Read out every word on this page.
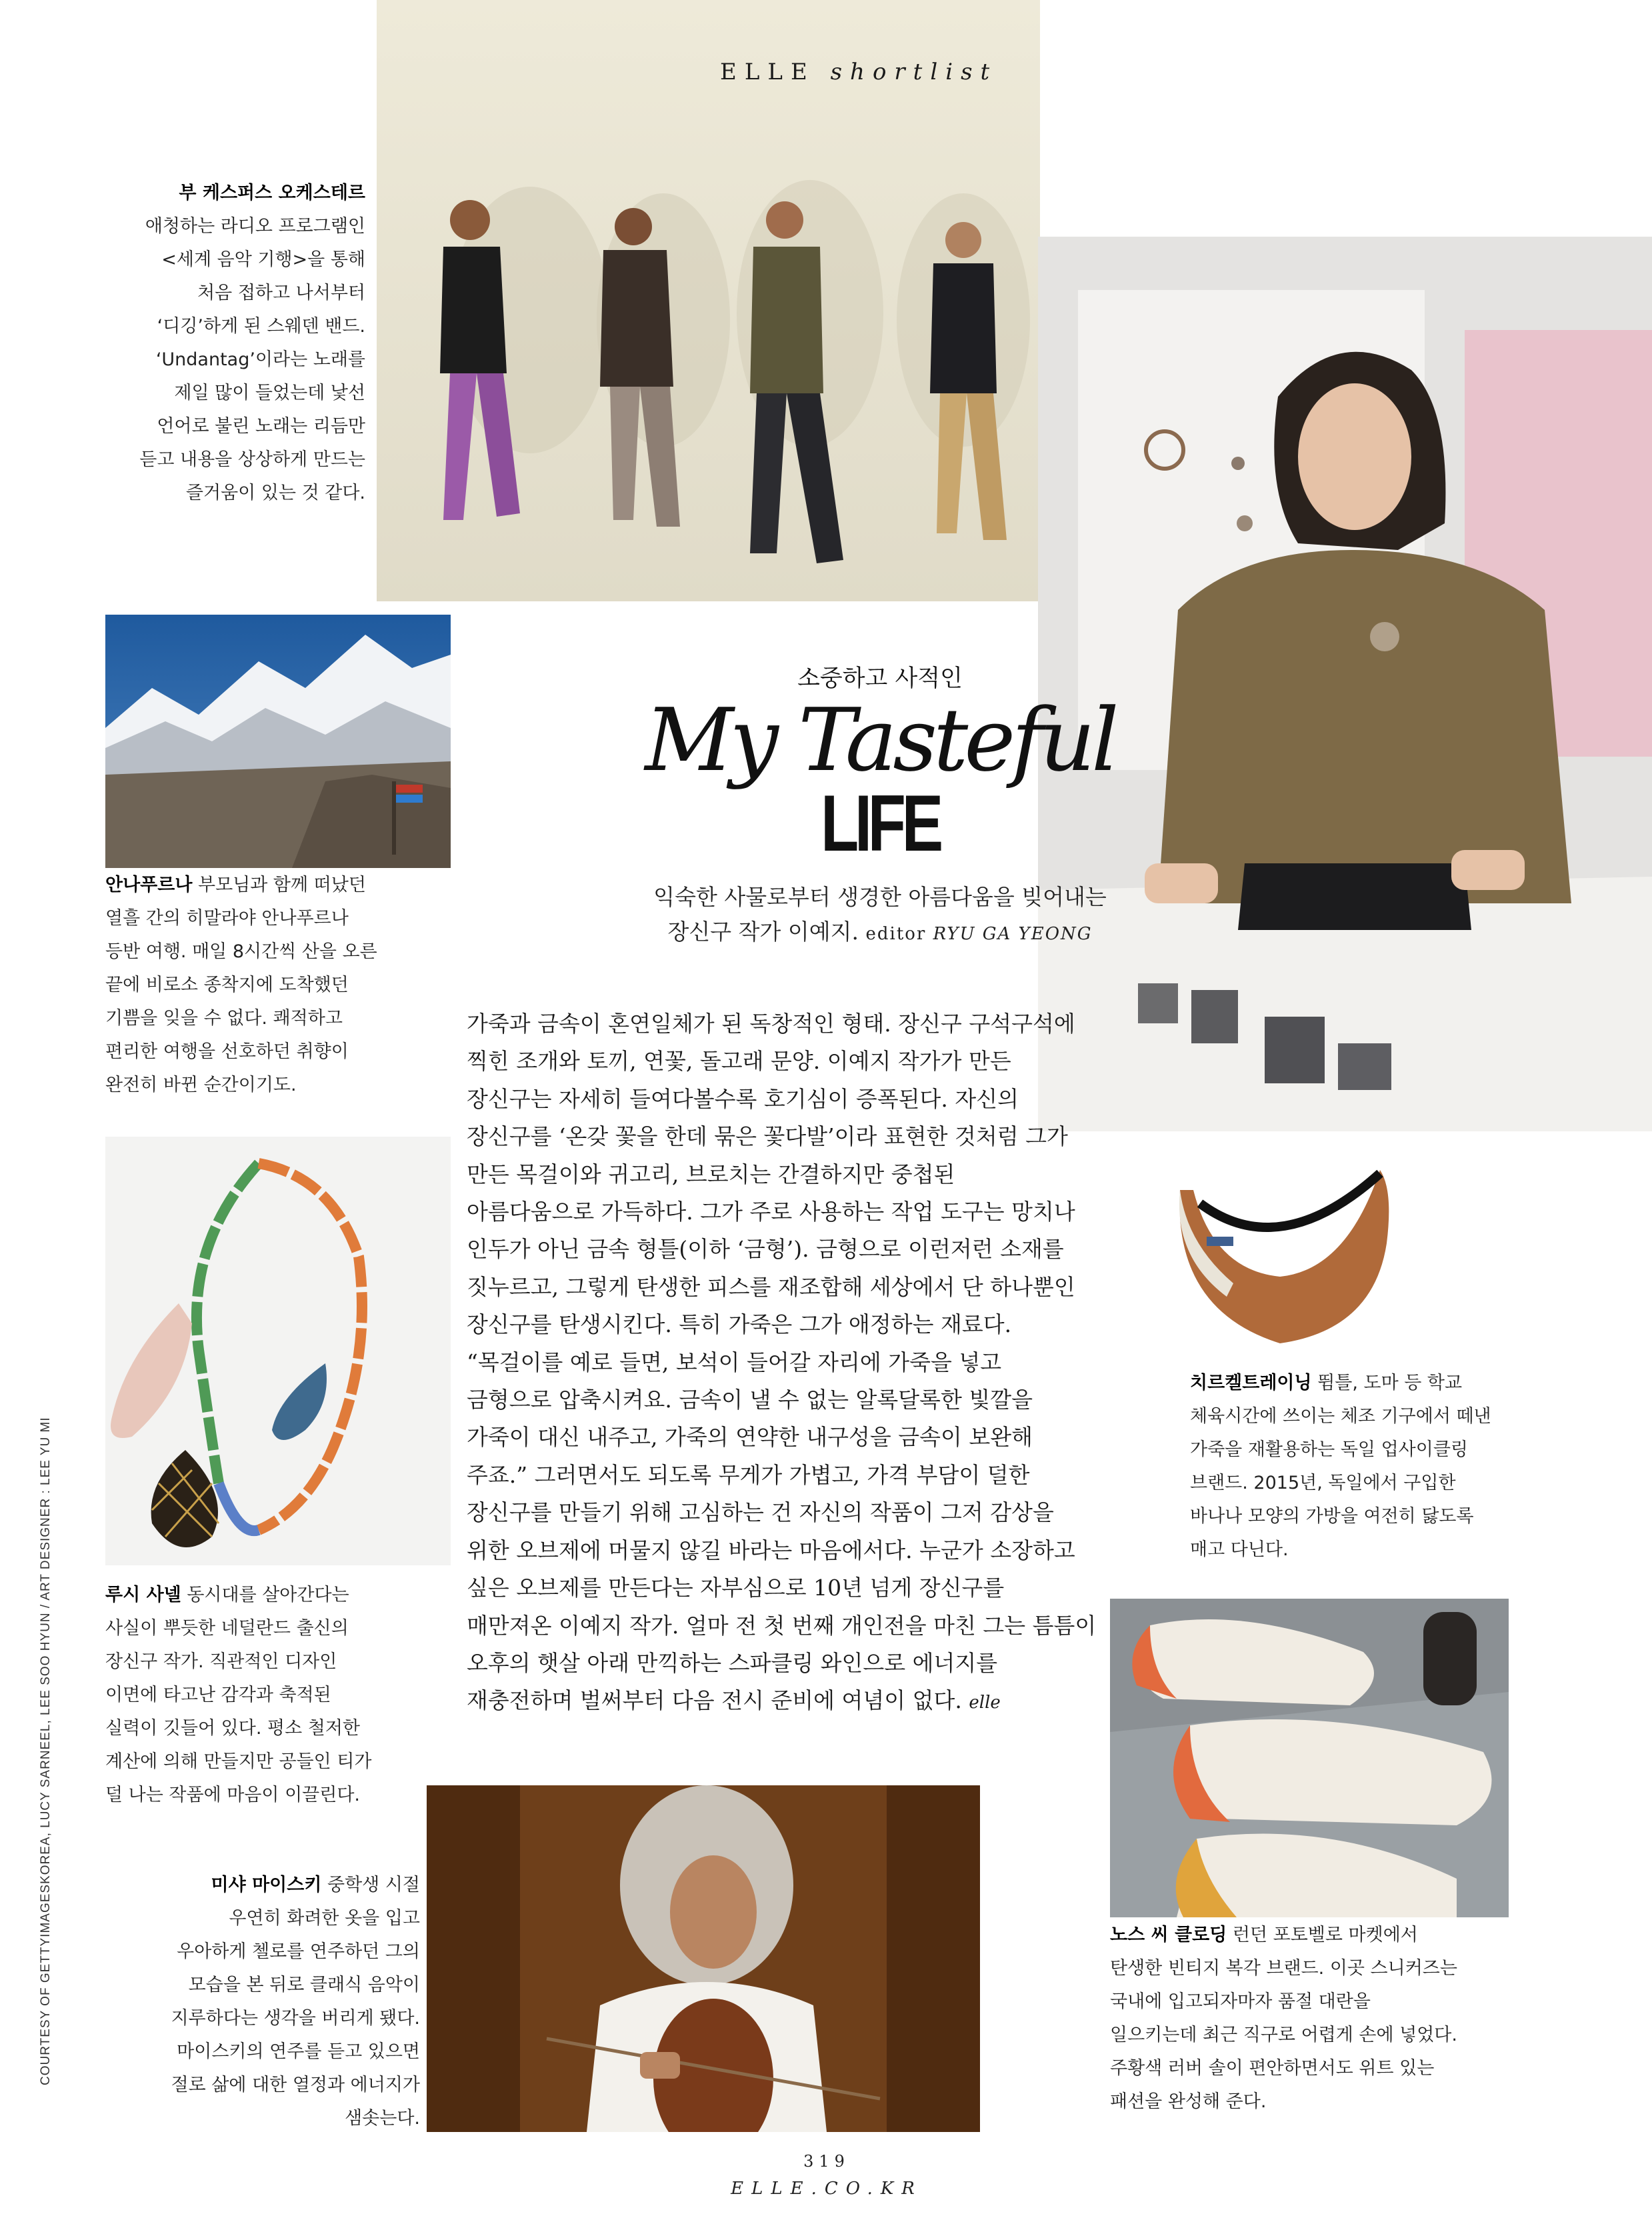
ELLE shortlist
부 케스퍼스 오케스테르
애청하는 라디오 프로그램인
<세계 음악 기행>을 통해
처음 접하고 나서부터
‘디깅’하게 된 스웨덴 밴드.
‘Undantag’이라는 노래를
제일 많이 들었는데 낯선
언어로 불린 노래는 리듬만
듣고 내용을 상상하게 만드는
즐거움이 있는 것 같다.
안나푸르나 부모님과 함께 떠났던
열흘 간의 히말라야 안나푸르나
등반 여행. 매일 8시간씩 산을 오른
끝에 비로소 종착지에 도착했던
기쁨을 잊을 수 없다. 쾌적하고
편리한 여행을 선호하던 취향이
완전히 바뀐 순간이기도.
루시 사넬 동시대를 살아간다는
사실이 뿌듯한 네덜란드 출신의
장신구 작가. 직관적인 디자인
이면에 타고난 감각과 축적된
실력이 깃들어 있다. 평소 철저한
계산에 의해 만들지만 공들인 티가
덜 나는 작품에 마음이 이끌린다.
미샤 마이스키 중학생 시절
우연히 화려한 옷을 입고
우아하게 첼로를 연주하던 그의
모습을 본 뒤로 클래식 음악이
지루하다는 생각을 버리게 됐다.
마이스키의 연주를 듣고 있으면
절로 삶에 대한 열정과 에너지가
샘솟는다.
치르켈트레이닝 뜀틀, 도마 등 학교
체육시간에 쓰이는 체조 기구에서 떼낸
가죽을 재활용하는 독일 업사이클링
브랜드. 2015년, 독일에서 구입한
바나나 모양의 가방을 여전히 닳도록
매고 다닌다.
노스 씨 클로딩 런던 포토벨로 마켓에서
탄생한 빈티지 복각 브랜드. 이곳 스니커즈는
국내에 입고되자마자 품절 대란을
일으키는데 최근 직구로 어렵게 손에 넣었다.
주황색 러버 솔이 편안하면서도 위트 있는
패션을 완성해 준다.
소중하고 사적인
My Tasteful
LIFE
익숙한 사물로부터 생경한 아름다움을 빚어내는
장신구 작가 이예지. editor RYU GA YEONG
가죽과 금속이 혼연일체가 된 독창적인 형태. 장신구 구석구석에
찍힌 조개와 토끼, 연꽃, 돌고래 문양. 이예지 작가가 만든
장신구는 자세히 들여다볼수록 호기심이 증폭된다. 자신의
장신구를 ‘온갖 꽃을 한데 묶은 꽃다발’이라 표현한 것처럼 그가
만든 목걸이와 귀고리, 브로치는 간결하지만 중첩된
아름다움으로 가득하다. 그가 주로 사용하는 작업 도구는 망치나
인두가 아닌 금속 형틀(이하 ‘금형’). 금형으로 이런저런 소재를
짓누르고, 그렇게 탄생한 피스를 재조합해 세상에서 단 하나뿐인
장신구를 탄생시킨다. 특히 가죽은 그가 애정하는 재료다.
“목걸이를 예로 들면, 보석이 들어갈 자리에 가죽을 넣고
금형으로 압축시켜요. 금속이 낼 수 없는 알록달록한 빛깔을
가죽이 대신 내주고, 가죽의 연약한 내구성을 금속이 보완해
주죠.” 그러면서도 되도록 무게가 가볍고, 가격 부담이 덜한
장신구를 만들기 위해 고심하는 건 자신의 작품이 그저 감상을
위한 오브제에 머물지 않길 바라는 마음에서다. 누군가 소장하고
싶은 오브제를 만든다는 자부심으로 10년 넘게 장신구를
매만져온 이예지 작가. 얼마 전 첫 번째 개인전을 마친 그는 틈틈이
오후의 햇살 아래 만끽하는 스파클링 와인으로 에너지를
재충전하며 벌써부터 다음 전시 준비에 여념이 없다. elle
COURTESY OF GETTYIMAGESKOREA, LUCY SARNEEL, LEE SOO HYUN / ART DESIGNER : LEE YU MI
319
ELLE.CO.KR
